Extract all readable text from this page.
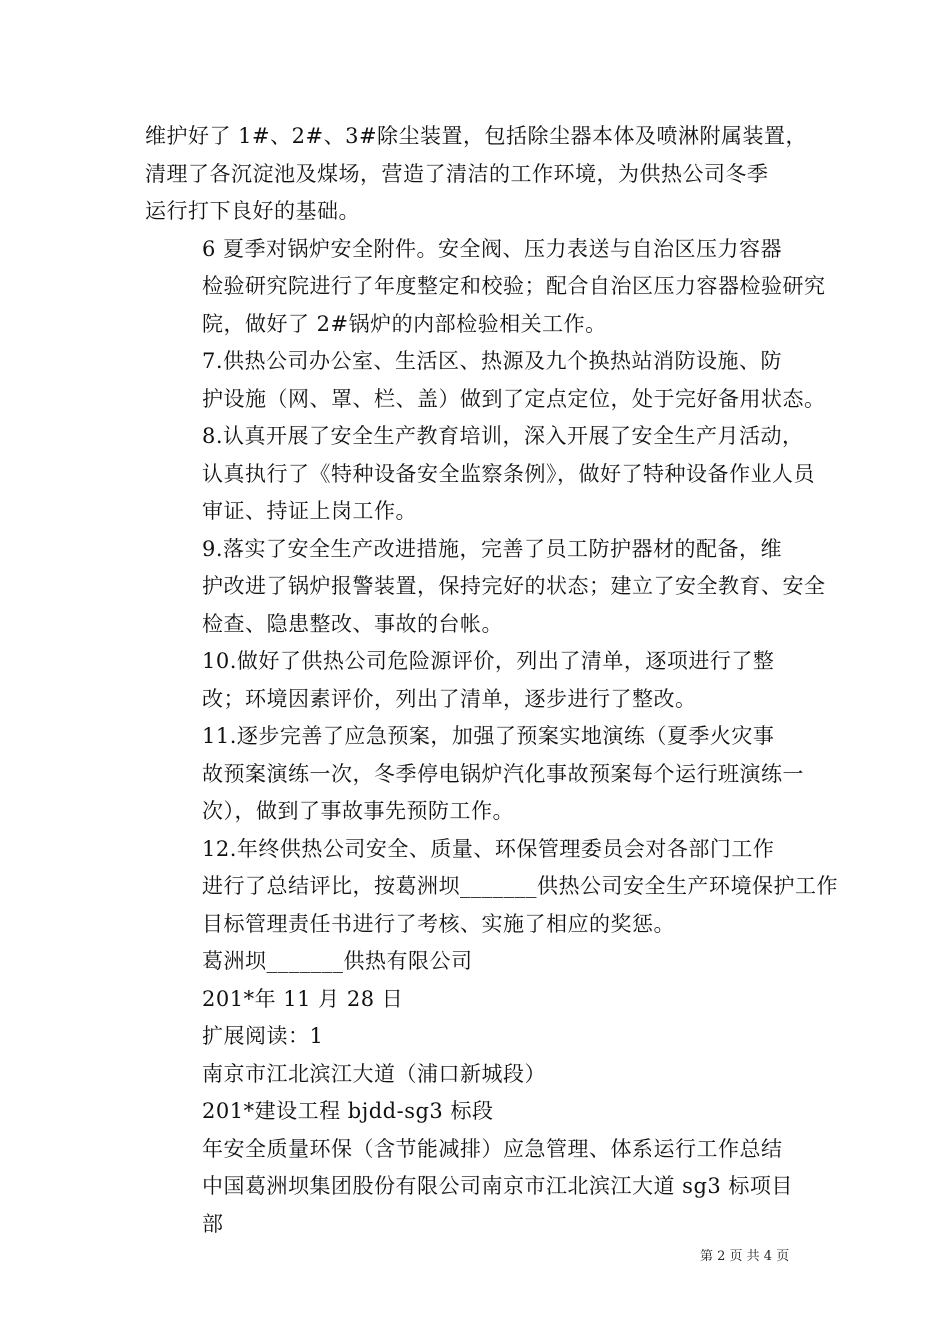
维护好了 1#、2#、3#除尘装置，包括除尘器本体及喷淋附属装置，
清理了各沉淀池及煤场，营造了清洁的工作环境，为供热公司冬季
运行打下良好的基础。
6 夏季对锅炉安全附件。安全阀、压力表送与自治区压力容器
检验研究院进行了年度整定和校验；配合自治区压力容器检验研究
院，做好了 2#锅炉的内部检验相关工作。
7.供热公司办公室、生活区、热源及九个换热站消防设施、防
护设施（网、罩、栏、盖）做到了定点定位，处于完好备用状态。
8.认真开展了安全生产教育培训，深入开展了安全生产月活动，
认真执行了《特种设备安全监察条例》，做好了特种设备作业人员
审证、持证上岗工作。
9.落实了安全生产改进措施，完善了员工防护器材的配备，维
护改进了锅炉报警装置，保持完好的状态；建立了安全教育、安全
检查、隐患整改、事故的台帐。
10.做好了供热公司危险源评价，列出了清单，逐项进行了整
改；环境因素评价，列出了清单，逐步进行了整改。
11.逐步完善了应急预案，加强了预案实地演练（夏季火灾事
故预案演练一次，冬季停电锅炉汽化事故预案每个运行班演练一
次），做到了事故事先预防工作。
12.年终供热公司安全、质量、环保管理委员会对各部门工作
进行了总结评比，按葛洲坝_______供热公司安全生产环境保护工作
目标管理责任书进行了考核、实施了相应的奖惩。
葛洲坝_______供热有限公司
201*年 11 月 28 日
扩展阅读：1
南京市江北滨江大道（浦口新城段）
201*建设工程 bjdd-sg3 标段
年安全质量环保（含节能减排）应急管理、体系运行工作总结
中国葛洲坝集团股份有限公司南京市江北滨江大道 sg3 标项目
部
第 2 页 共 4 页
